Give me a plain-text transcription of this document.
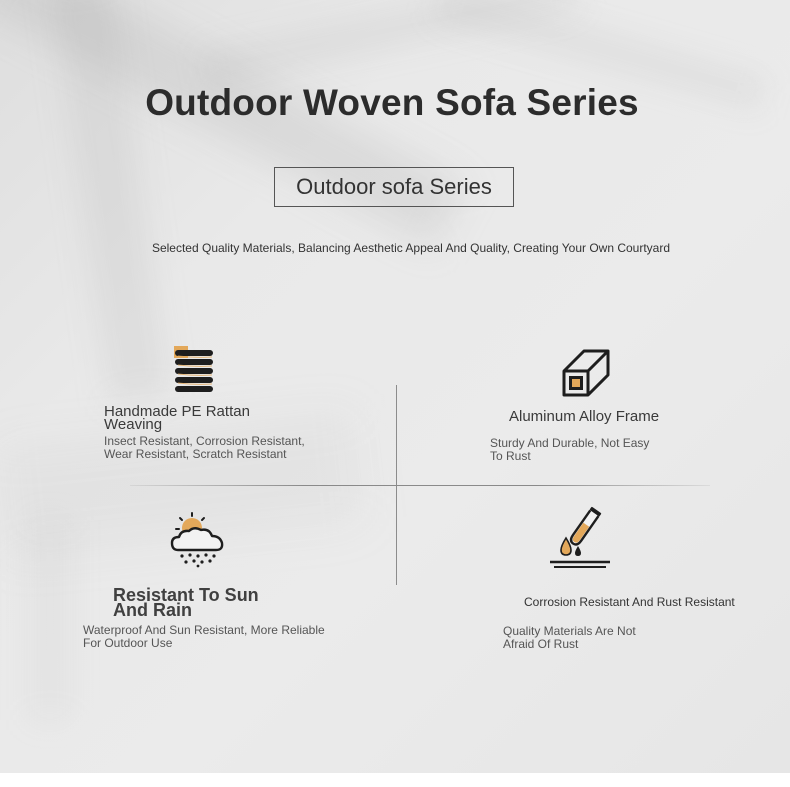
Outdoor Woven Sofa Series
Outdoor sofa Series
Selected Quality Materials, Balancing Aesthetic Appeal And Quality, Creating Your Own Courtyard
Handmade PE Rattan
Weaving
Insect Resistant, Corrosion Resistant,
Wear Resistant, Scratch Resistant
Aluminum Alloy Frame
Sturdy And Durable, Not Easy
To Rust
Resistant To Sun
And Rain
Waterproof And Sun Resistant, More Reliable
For Outdoor Use
Corrosion Resistant And Rust Resistant
Quality Materials Are Not
Afraid Of Rust
